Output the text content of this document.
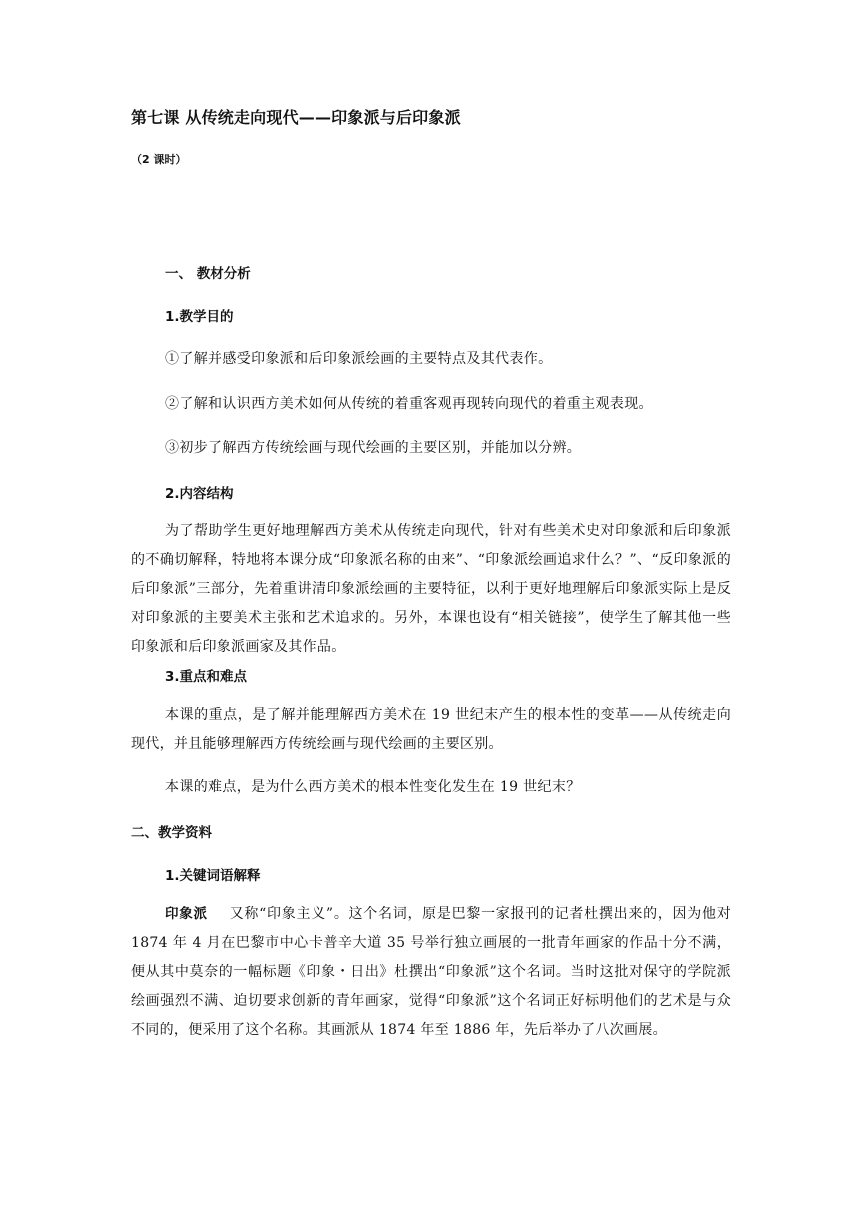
第七课 从传统走向现代——印象派与后印象派
（2 课时）
一、 教材分析
1.教学目的
①了解并感受印象派和后印象派绘画的主要特点及其代表作。
②了解和认识西方美术如何从传统的着重客观再现转向现代的着重主观表现。
③初步了解西方传统绘画与现代绘画的主要区别，并能加以分辨。
2.内容结构
为了帮助学生更好地理解西方美术从传统走向现代，针对有些美术史对印象派和后印象派的不确切解释，特地将本课分成“印象派名称的由来”、“印象派绘画追求什么？”、“反印象派的后印象派”三部分，先着重讲清印象派绘画的主要特征，以利于更好地理解后印象派实际上是反对印象派的主要美术主张和艺术追求的。另外，本课也设有“相关链接”，使学生了解其他一些印象派和后印象派画家及其作品。
3.重点和难点
本课的重点，是了解并能理解西方美术在 19 世纪末产生的根本性的变革——从传统走向现代，并且能够理解西方传统绘画与现代绘画的主要区别。
本课的难点，是为什么西方美术的根本性变化发生在 19 世纪末？
二、教学资料
1.关键词语解释
印象派 又称“印象主义”。这个名词，原是巴黎一家报刊的记者杜撰出来的，因为他对 1874 年 4 月在巴黎市中心卡普辛大道 35 号举行独立画展的一批青年画家的作品十分不满，便从其中莫奈的一幅标题《印象・日出》杜撰出“印象派”这个名词。当时这批对保守的学院派绘画强烈不满、迫切要求创新的青年画家，觉得“印象派”这个名词正好标明他们的艺术是与众不同的，便采用了这个名称。其画派从 1874 年至 1886 年，先后举办了八次画展。
